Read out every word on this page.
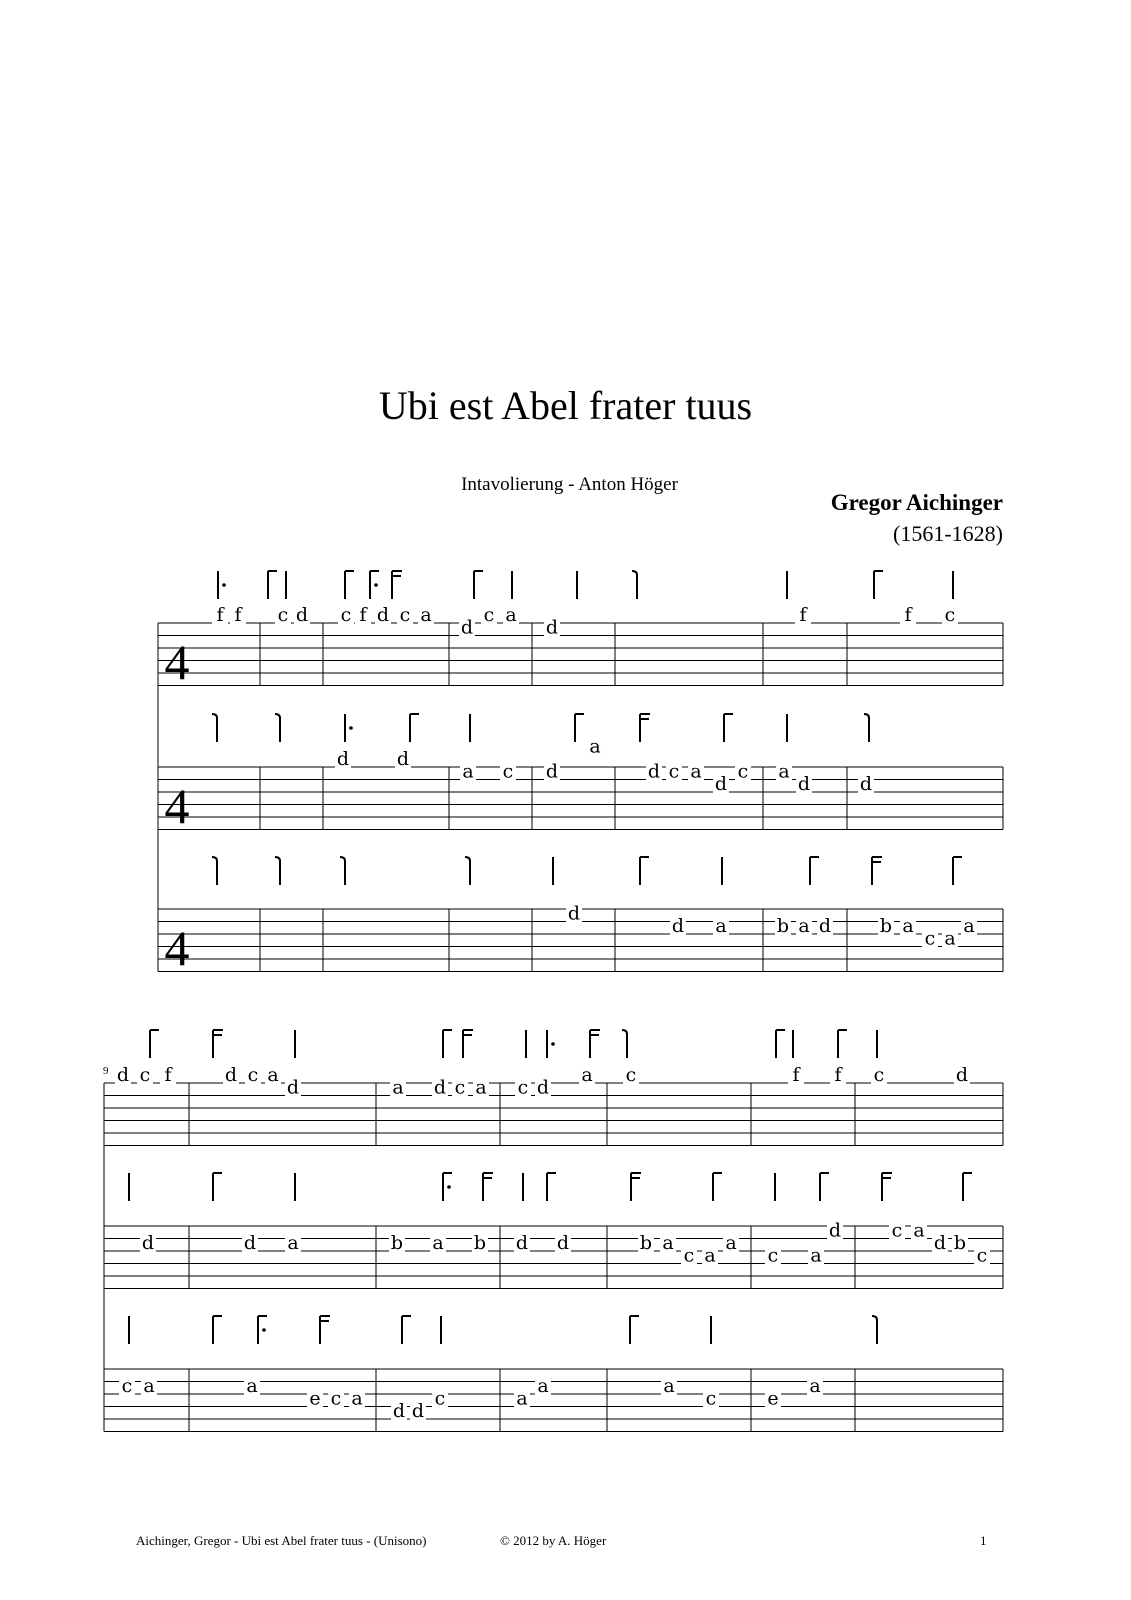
Ubi est Abel frater tuus

Intavolierung - Anton Höger

Gregor Aichinger

(1561-1628)

f f c d c f d c a
d
c a
d
f	f c
d	d
a c d
a
d c a
d
c a
d	d
d
d a	b a d	b a
c a
a
d c f	d c a
d	a d c a c d
a c	f f c	d
d	d a	b a b d d	b a
c a
a
c a
d	c a
d b
c
c a	a
e c a
d d
c	a
a	a
c	e
a
4
4
4
9

Aichinger, Gregor - Ubi est Abel frater tuus - (Unisono)	© 2012 by A. Höger	1
